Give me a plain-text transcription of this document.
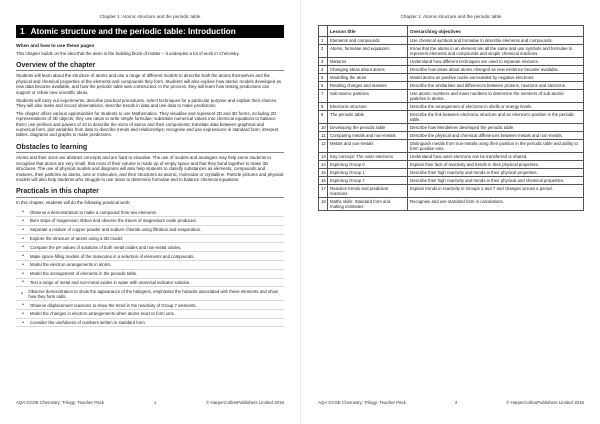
Chapter 1: Atomic structure and the periodic table
1 Atomic structure and the periodic table: Introduction
When and how to use these pages
This chapter builds on the idea that the atom is the building block of matter – it underpins a lot of work in Chemistry.
Overview of the chapter
Students will learn about the structure of atoms and use a range of different models to describe both the atoms themselves and the physical and chemical properties of the elements and compounds they form. Students will also explore how atomic models developed as new data became available, and how the periodic table was constructed. In the process, they will learn how testing predictions can support or refute new scientific ideas.
Students will carry out experiments, describe practical procedures, select techniques for a particular purpose and explain their choices. They will also make and record observations, describe trends in data and use data to make predictions.
The chapter offers various opportunities for students to use Mathematics. They visualise and represent 2D and 3D forms, including 2D representations of 3D objects; they use ratios to write simple formulae; substitute numerical values into chemical equations to balance them; use prefixes and powers of 10 to describe the sizes of atoms and their components; translate data between graphical and numerical form, plot variables from data to describe trends and relationships; recognise and use expressions in standard form; interpret tables, diagrams and graphs to make predictions.
Obstacles to learning
Atoms and their sizes are abstract concepts and are hard to visualise. The use of models and analogies may help some students to recognise that atoms are very small, that most of their volume is made up of empty space and that they bond together to make 3D structures. The use of physical models and diagrams will also help students to classify substances as elements, compounds and mixtures, their particles as atoms, ions or molecules, and their structures as atomic, molecular or crystalline. Particle pictures and physical models will also help students who struggle to use ratios to determine formulae and to balance chemical equations.
Practicals in this chapter
In this chapter, students will do the following practical work:
•	Observe a demonstration to make a compound from two elements.
•	Burn strips of magnesium ribbon and observe the traces of magnesium oxide produced.
•	Separate a mixture of copper powder and sodium chloride using filtration and evaporation.
•	Explore the structure of atoms using a 3D model.
•	Compare the pH values of solutions of both metal oxides and non-metal oxides.
•	Make space-filling models of the molecules in a selection of elements and compounds.
•	Model the electron arrangements in atoms.
•	Model the arrangement of elements in the periodic table.
•	Test a range of metal and non-metal oxides in water with universal indicator solution.
•	Observe demonstration to show the appearance of the halogens, emphasise the hazards associated with these elements and show how they form salts.
•	Observe displacement reactions to show the trend in the reactivity of Group 7 elements.
•	Model the changes in electron arrangements when atoms react to form ions.
•	Consider the usefulness of numbers written in standard form.
AQA GCSE Chemistry: Trilogy: Teacher Pack	1	© HarperCollinsPublishers Limited 2016
Chapter 1: Atomic structure and the periodic table
	Lesson title	Overarching objectives
1	Elements and compounds	Use chemical symbols and formulae to describe elements and compounds.
2	Atoms, formulae and equations	Know that the atoms in an element are all the same and use symbols and formulae to represent elements and compounds and simple chemical reactions.
3	Mixtures	Understand how different techniques are used to separate mixtures.
4	Changing ideas about atoms	Describe how ideas about atoms changed as new evidence became available.
5	Modelling the atom	Model atoms as positive nuclei surrounded by negative electrons.
6	Relating charges and masses	Describe the similarities and differences between protons, neutrons and electrons.
7	Sub-atomic particles	Use atomic numbers and mass numbers to determine the numbers of sub-atomic particles in atoms.
8	Electronic structure	Describe the arrangement of electrons in shells or energy levels.
9	The periodic table	Describe the link between electronic structure and an element's position in the periodic table.
10	Developing the periodic table	Describe how Mendeleev developed the periodic table.
11	Comparing metals and non-metals	Describe the physical and chemical differences between metals and non-metals.
12	Metals and non-metals	Distinguish metals from non-metals using their position in the periodic table and ability to form positive ions.
13	Key concept: The outer electrons	Understand how outer electrons can be transferred or shared.
14	Exploring Group 0	Explain their lack of reactivity and trends in their physical properties.
15	Exploring Group 1	Describe their high reactivity and trends in their physical properties.
16	Exploring Group 7	Describe their high reactivity and trends in their physical and chemical properties.
17	Reaction trends and prediction reactions	Explain trends in reactivity in Groups 1 and 7 and changes across a period.
18	Maths skills: Standard form and making estimates	Recognise and use standard form in calculations.
AQA GCSE Chemistry: Trilogy: Teacher Pack	2	© HarperCollinsPublishers Limited 2016
